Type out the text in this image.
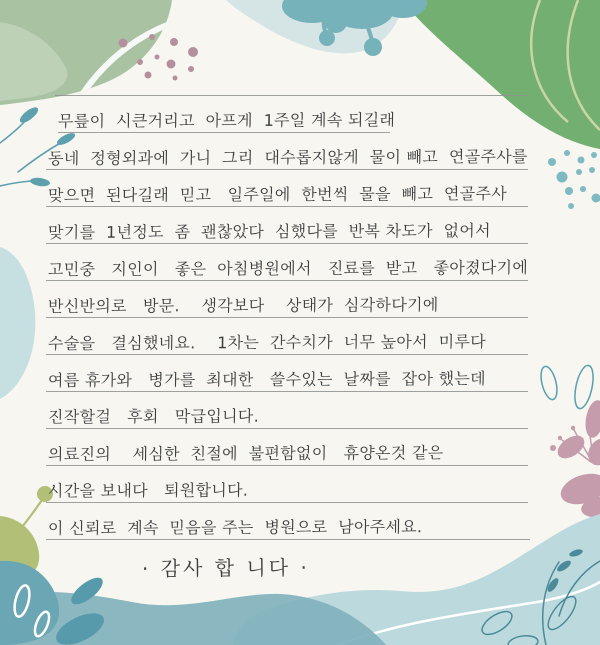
무릎이  시큰거리고  아프게  1주일 계속 되길래
동네  정형외과에  가니  그리  대수롭지않게  물이 빼고  연골주사를
맞으면  된다길래  믿고   일주일에  한번씩  물을  빼고  연골주사
맞기를  1년정도  좀  괜찮았다  심했다를  반복 차도가  없어서
고민중   지인이   좋은  아침병원에서   진료를  받고   좋아졌다기에
반신반의로   방문.    생각보다    상태가  심각하다기에
수술을   결심했네요.    1차는  간수치가  너무 높아서  미루다
여름 휴가와   병가를  최대한   쓸수있는  날짜를  잡아 했는데
진작할걸   후회   막급입니다.
의료진의    세심한  친절에  불편함없이   휴양온것 같은
시간을 보내다   퇴원합니다.
이 신뢰로  계속  믿음을 주는  병원으로  남아주세요.
· 감사 합 니다 ·
